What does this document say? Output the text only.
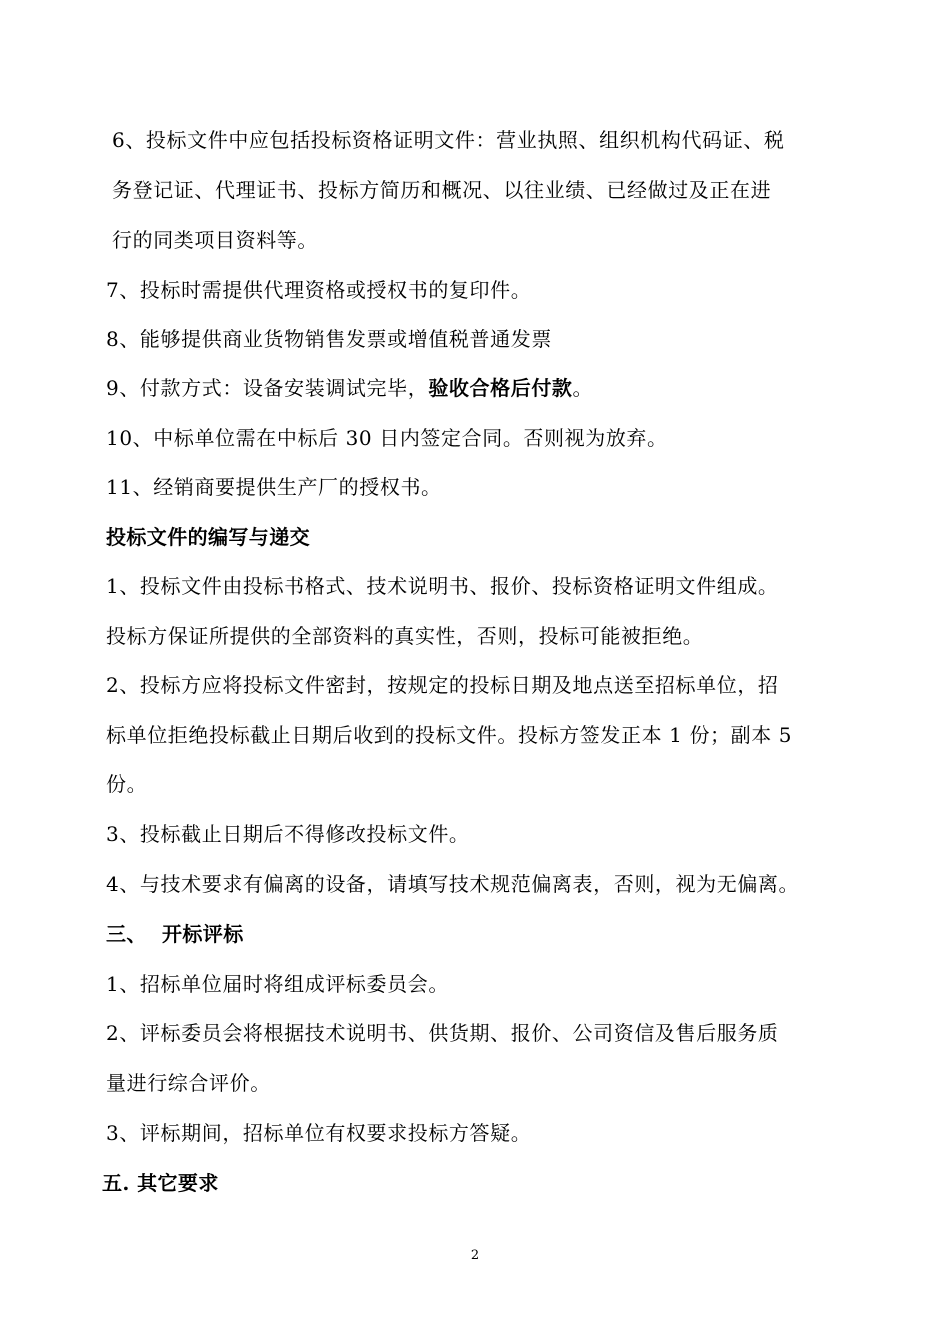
6、投标文件中应包括投标资格证明文件：营业执照、组织机构代码证、税
务登记证、代理证书、投标方简历和概况、以往业绩、已经做过及正在进
行的同类项目资料等。
7、投标时需提供代理资格或授权书的复印件。
8、能够提供商业货物销售发票或增值税普通发票
9、付款方式：设备安装调试完毕，验收合格后付款。
10、中标单位需在中标后 30 日内签定合同。否则视为放弃。
11、经销商要提供生产厂的授权书。
投标文件的编写与递交
1、投标文件由投标书格式、技术说明书、报价、投标资格证明文件组成。
投标方保证所提供的全部资料的真实性，否则，投标可能被拒绝。
2、投标方应将投标文件密封，按规定的投标日期及地点送至招标单位，招
标单位拒绝投标截止日期后收到的投标文件。投标方签发正本 1 份；副本 5
份。
3、投标截止日期后不得修改投标文件。
4、与技术要求有偏离的设备，请填写技术规范偏离表，否则，视为无偏离。
三、 开标评标
1、招标单位届时将组成评标委员会。
2、评标委员会将根据技术说明书、供货期、报价、公司资信及售后服务质
量进行综合评价。
3、评标期间，招标单位有权要求投标方答疑。
五. 其它要求
2
